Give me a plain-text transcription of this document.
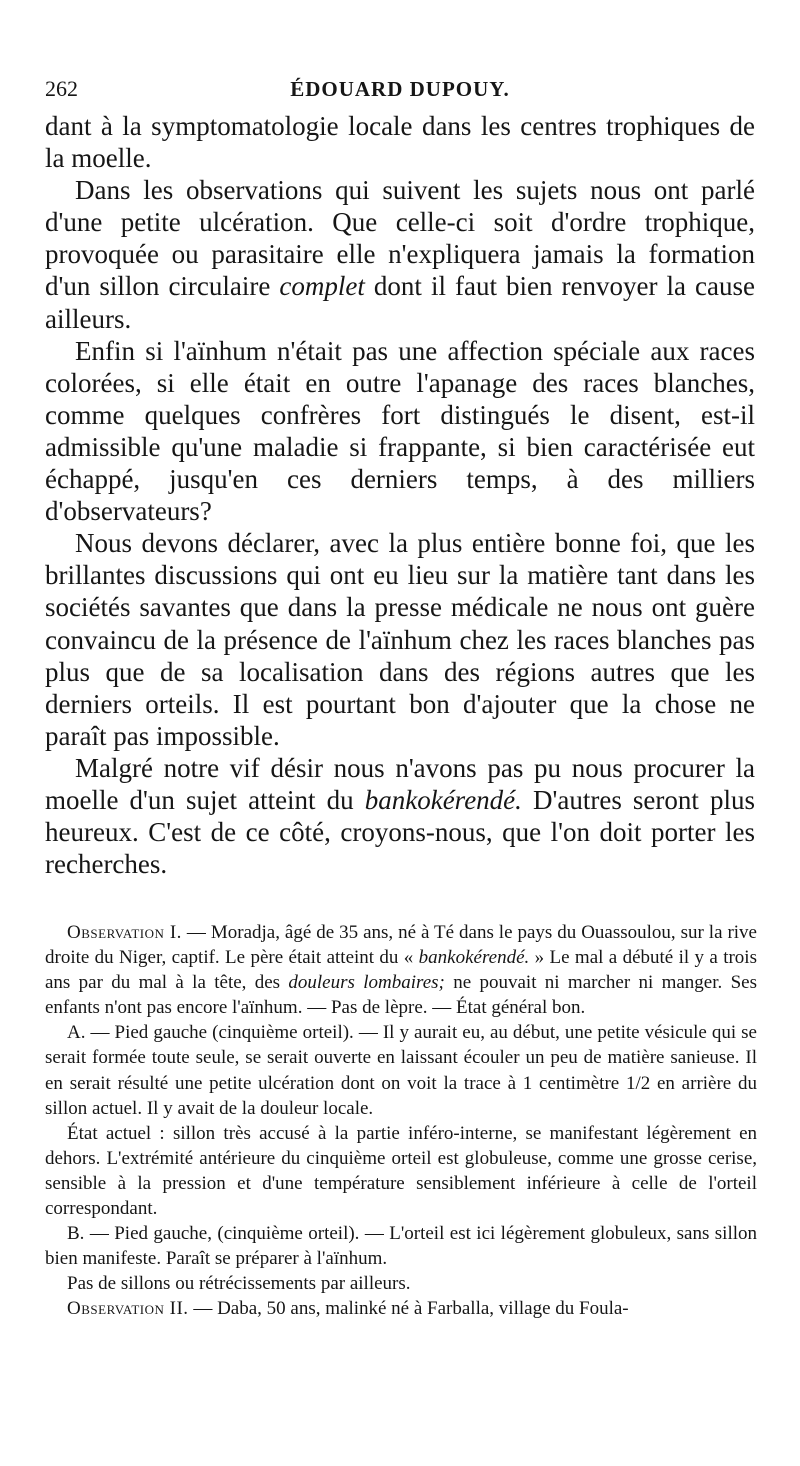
262	ÉDOUARD DUPOUY.

dant à la symptomatologie locale dans les centres trophiques de la moelle.

Dans les observations qui suivent les sujets nous ont parlé d'une petite ulcération. Que celle-ci soit d'ordre trophique, provoquée ou parasitaire elle n'expliquera jamais la formation d'un sillon circulaire complet dont il faut bien renvoyer la cause ailleurs.

Enfin si l'aïnhum n'était pas une affection spéciale aux races colorées, si elle était en outre l'apanage des races blanches, comme quelques confrères fort distingués le disent, est-il admissible qu'une maladie si frappante, si bien caractérisée eut échappé, jusqu'en ces derniers temps, à des milliers d'observateurs?

Nous devons déclarer, avec la plus entière bonne foi, que les brillantes discussions qui ont eu lieu sur la matière tant dans les sociétés savantes que dans la presse médicale ne nous ont guère convaincu de la présence de l'aïnhum chez les races blanches pas plus que de sa localisation dans des régions autres que les derniers orteils. Il est pourtant bon d'ajouter que la chose ne paraît pas impossible.

Malgré notre vif désir nous n'avons pas pu nous procurer la moelle d'un sujet atteint du bankokérendé. D'autres seront plus heureux. C'est de ce côté, croyons-nous, que l'on doit porter les recherches.

Observation I. — Moradja, âgé de 35 ans, né à Té dans le pays du Ouassoulou, sur la rive droite du Niger, captif. Le père était atteint du « bankokérendé. » Le mal a débuté il y a trois ans par du mal à la tête, des douleurs lombaires; ne pouvait ni marcher ni manger. Ses enfants n'ont pas encore l'aïnhum. — Pas de lèpre. — État général bon.

A. — Pied gauche (cinquième orteil). — Il y aurait eu, au début, une petite vésicule qui se serait formée toute seule, se serait ouverte en laissant écouler un peu de matière sanieuse. Il en serait résulté une petite ulcération dont on voit la trace à 1 centimètre 1/2 en arrière du sillon actuel. Il y avait de la douleur locale.

État actuel : sillon très accusé à la partie inféro-interne, se manifestant légèrement en dehors. L'extrémité antérieure du cinquième orteil est globuleuse, comme une grosse cerise, sensible à la pression et d'une température sensiblement inférieure à celle de l'orteil correspondant.

B. — Pied gauche, (cinquième orteil). — L'orteil est ici légèrement globuleux, sans sillon bien manifeste. Paraît se préparer à l'aïnhum.

Pas de sillons ou rétrécissements par ailleurs.

Observation II. — Daba, 50 ans, malinké né à Farballa, village du Foula-
